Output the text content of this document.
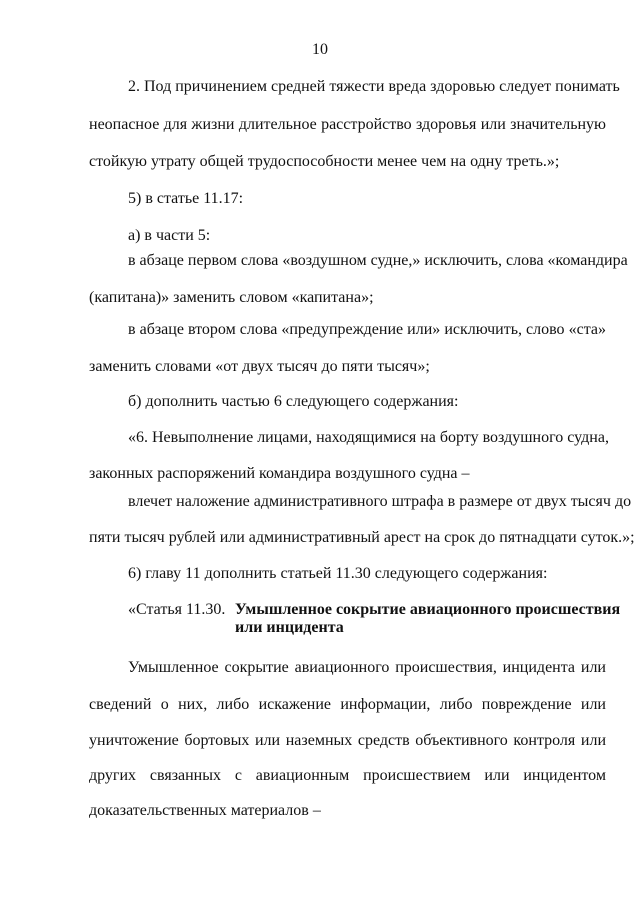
10
2. Под причинением средней тяжести вреда здоровью следует понимать
неопасное для жизни длительное расстройство здоровья или значительную
стойкую утрату общей трудоспособности менее чем на одну треть.»;
5) в статье 11.17:
а) в части 5:
в абзаце первом слова «воздушном судне,» исключить, слова «командира
(капитана)» заменить словом «капитана»;
в абзаце втором слова «предупреждение или» исключить, слово «ста»
заменить словами «от двух тысяч до пяти тысяч»;
б) дополнить частью 6 следующего содержания:
«6. Невыполнение лицами, находящимися на борту воздушного судна,
законных распоряжений командира воздушного судна –
влечет наложение административного штрафа в размере от двух тысяч до
пяти тысяч рублей или административный арест на срок до пятнадцати суток.»;
6) главу 11 дополнить статьей 11.30 следующего содержания:
«Статья 11.30. Умышленное сокрытие авиационного происшествия
или инцидента
Умышленное сокрытие авиационного происшествия, инцидента или
сведений о них, либо искажение информации, либо повреждение или
уничтожение бортовых или наземных средств объективного контроля или
других связанных с авиационным происшествием или инцидентом
доказательственных материалов –
